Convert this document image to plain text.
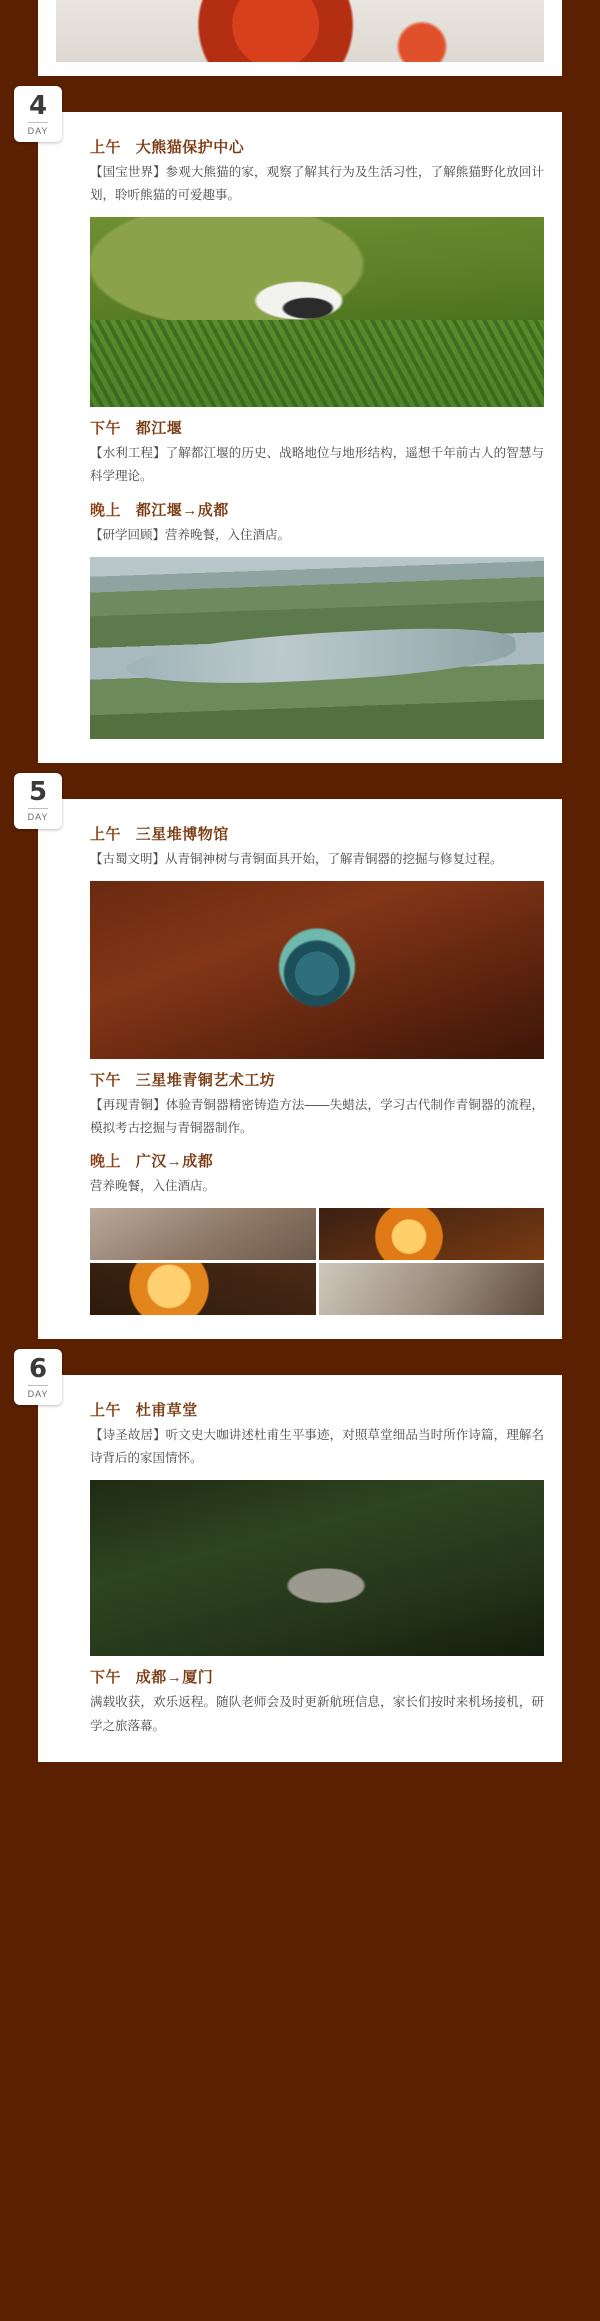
4
DAY
上午 大熊猫保护中心

【国宝世界】参观大熊猫的家，观察了解其行为及生活习性，了解熊猫野化放回计划，聆听熊猫的可爱趣事。

下午 都江堰

【水利工程】了解都江堰的历史、战略地位与地形结构，遥想千年前古人的智慧与科学理论。

晚上 都江堰→成都

【研学回顾】营养晚餐，入住酒店。

5
DAY
上午 三星堆博物馆

【古蜀文明】从青铜神树与青铜面具开始，了解青铜器的挖掘与修复过程。

下午 三星堆青铜艺术工坊

【再现青铜】体验青铜器精密铸造方法——失蜡法，学习古代制作青铜器的流程，模拟考古挖掘与青铜器制作。

晚上 广汉→成都

营养晚餐，入住酒店。

6
DAY
上午 杜甫草堂

【诗圣故居】听文史大咖讲述杜甫生平事迹，对照草堂细品当时所作诗篇，理解名诗背后的家国情怀。

下午 成都→厦门

满载收获，欢乐返程。随队老师会及时更新航班信息，家长们按时来机场接机，研学之旅落幕。
